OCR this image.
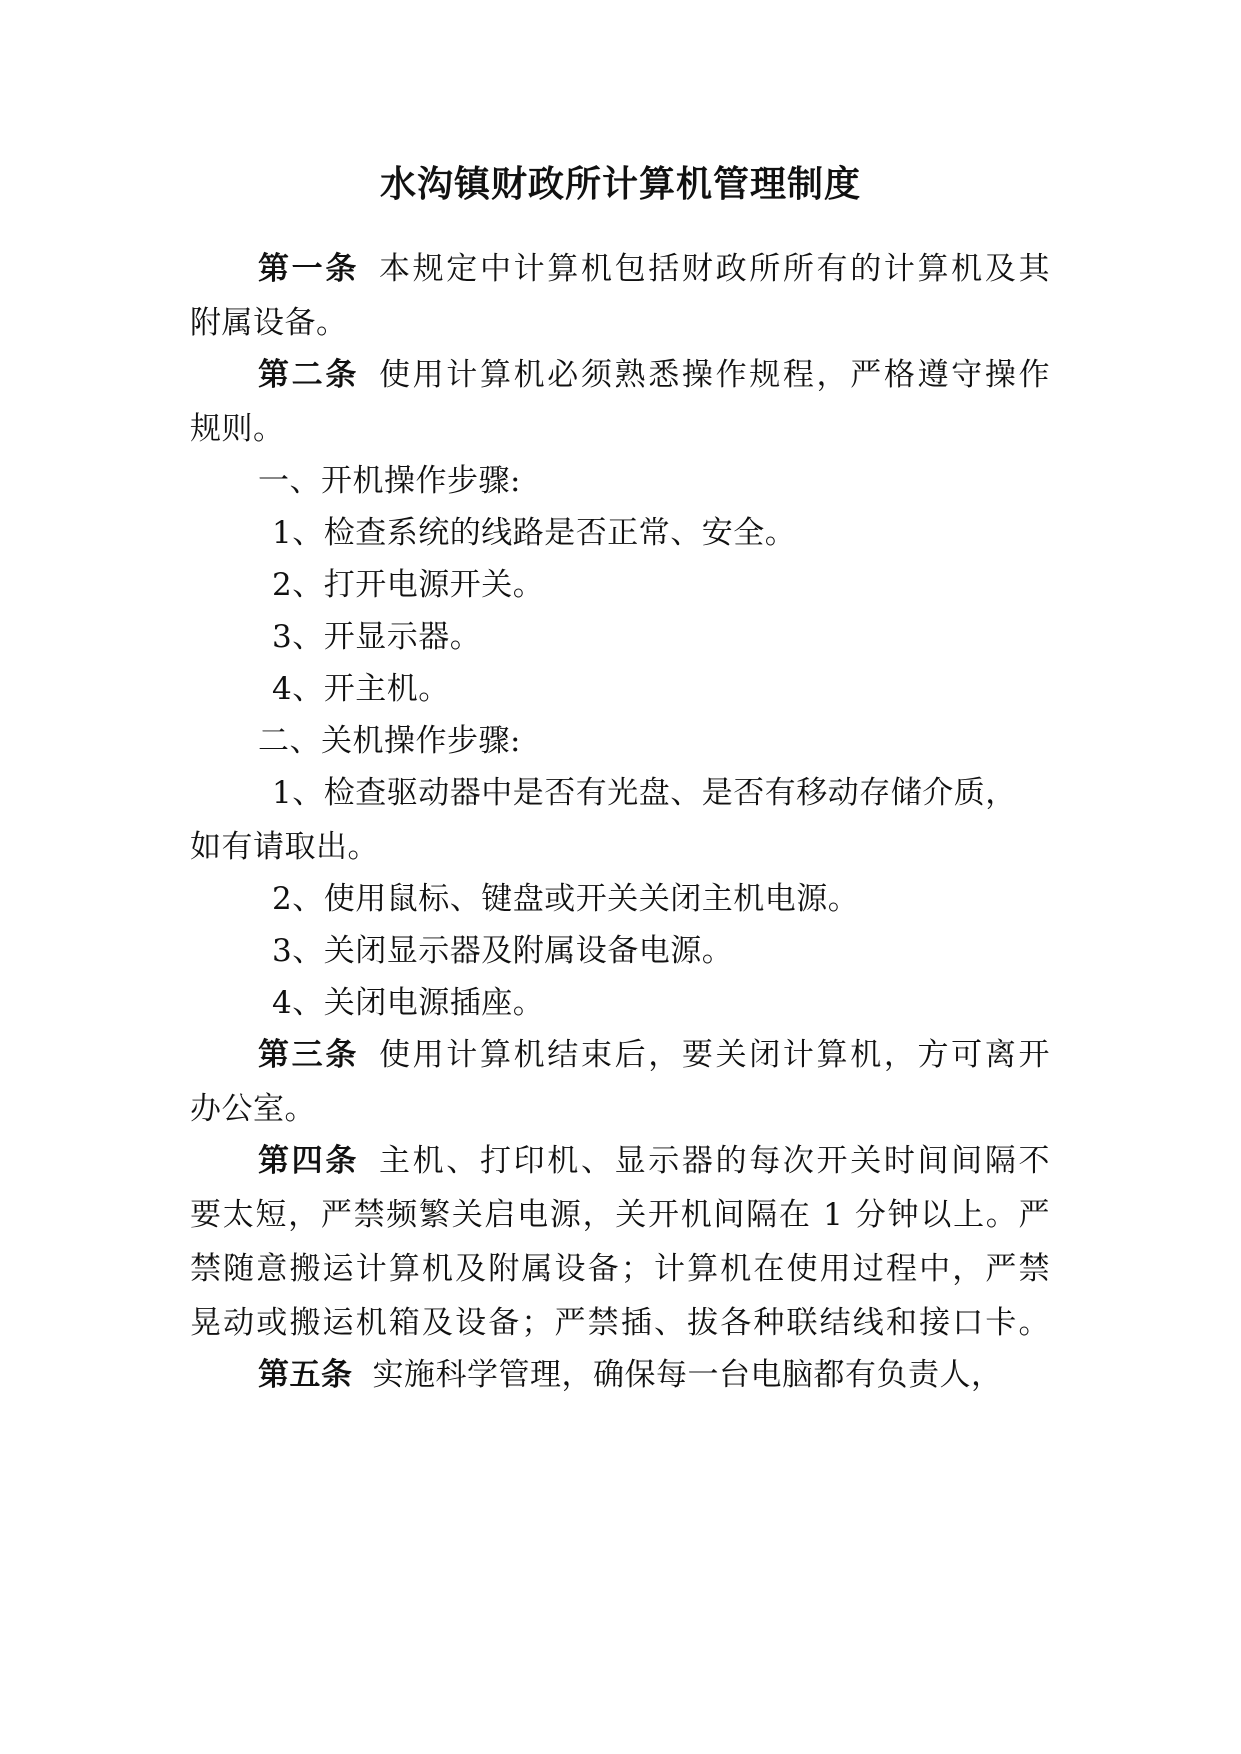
水沟镇财政所计算机管理制度
第一条 本规定中计算机包括财政所所有的计算机及其
附属设备。
第二条 使用计算机必须熟悉操作规程，严格遵守操作
规则。
一、开机操作步骤:
1、检查系统的线路是否正常、安全。
2、打开电源开关。
3、开显示器。
4、开主机。
二、关机操作步骤:
1、检查驱动器中是否有光盘、是否有移动存储介质，
如有请取出。
2、使用鼠标、键盘或开关关闭主机电源。
3、关闭显示器及附属设备电源。
4、关闭电源插座。
第三条 使用计算机结束后，要关闭计算机，方可离开
办公室。
第四条 主机、打印机、显示器的每次开关时间间隔不
要太短，严禁频繁关启电源，关开机间隔在 1 分钟以上。严
禁随意搬运计算机及附属设备；计算机在使用过程中，严禁
晃动或搬运机箱及设备；严禁插、拔各种联结线和接口卡。
第五条 实施科学管理，确保每一台电脑都有负责人，
